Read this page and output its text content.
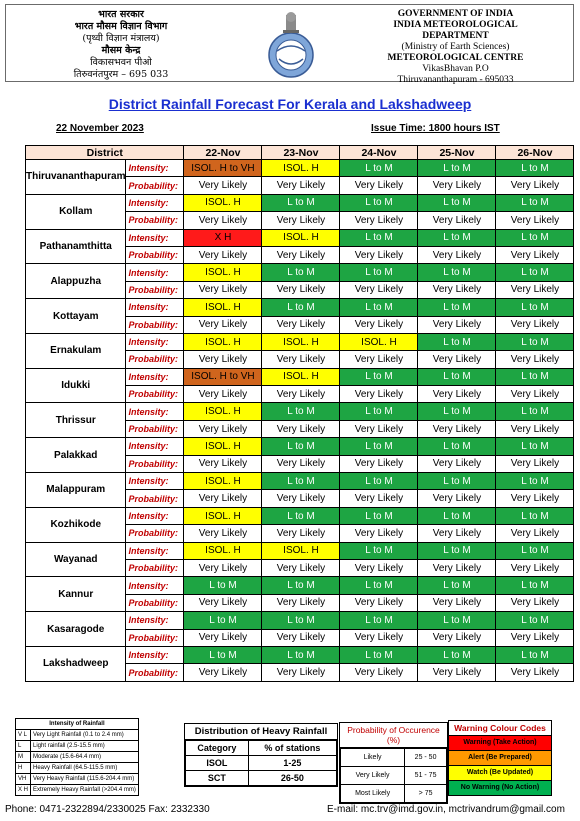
भारत सरकार
भारत मौसम विज्ञान विभाग
(पृथ्वी विज्ञान मंत्रालय)
मौसम केन्द्र
विकासभवन पीओ
तिरुवनंतपुरम – 695 033
GOVERNMENT OF INDIA
INDIA METEOROLOGICAL
DEPARTMENT
(Ministry of Earth Sciences)
METEOROLOGICAL CENTRE
VikasBhavan P.O
Thiruvananthapuram - 695033
District Rainfall Forecast For Kerala and Lakshadweep
22 November 2023	Issue Time: 1800 hours IST
District		22-Nov	23-Nov	24-Nov	25-Nov	26-Nov
Thiruvananthapuram	Intensity:	ISOL. H to VH	ISOL. H	L to M	L to M	L to M
	Probability:	Very Likely	Very Likely	Very Likely	Very Likely	Very Likely
Kollam	Intensity:	ISOL. H	L to M	L to M	L to M	L to M
	Probability:	Very Likely	Very Likely	Very Likely	Very Likely	Very Likely
Pathanamthitta	Intensity:	X H	ISOL. H	L to M	L to M	L to M
	Probability:	Very Likely	Very Likely	Very Likely	Very Likely	Very Likely
Alappuzha	Intensity:	ISOL. H	L to M	L to M	L to M	L to M
	Probability:	Very Likely	Very Likely	Very Likely	Very Likely	Very Likely
Kottayam	Intensity:	ISOL. H	L to M	L to M	L to M	L to M
	Probability:	Very Likely	Very Likely	Very Likely	Very Likely	Very Likely
Ernakulam	Intensity:	ISOL. H	ISOL. H	ISOL. H	L to M	L to M
	Probability:	Very Likely	Very Likely	Very Likely	Very Likely	Very Likely
Idukki	Intensity:	ISOL. H to VH	ISOL. H	L to M	L to M	L to M
	Probability:	Very Likely	Very Likely	Very Likely	Very Likely	Very Likely
Thrissur	Intensity:	ISOL. H	L to M	L to M	L to M	L to M
	Probability:	Very Likely	Very Likely	Very Likely	Very Likely	Very Likely
Palakkad	Intensity:	ISOL. H	L to M	L to M	L to M	L to M
	Probability:	Very Likely	Very Likely	Very Likely	Very Likely	Very Likely
Malappuram	Intensity:	ISOL. H	L to M	L to M	L to M	L to M
	Probability:	Very Likely	Very Likely	Very Likely	Very Likely	Very Likely
Kozhikode	Intensity:	ISOL. H	L to M	L to M	L to M	L to M
	Probability:	Very Likely	Very Likely	Very Likely	Very Likely	Very Likely
Wayanad	Intensity:	ISOL. H	ISOL. H	L to M	L to M	L to M
	Probability:	Very Likely	Very Likely	Very Likely	Very Likely	Very Likely
Kannur	Intensity:	L to M	L to M	L to M	L to M	L to M
	Probability:	Very Likely	Very Likely	Very Likely	Very Likely	Very Likely
Kasaragode	Intensity:	L to M	L to M	L to M	L to M	L to M
	Probability:	Very Likely	Very Likely	Very Likely	Very Likely	Very Likely
Lakshadweep	Intensity:	L to M	L to M	L to M	L to M	L to M
	Probability:	Very Likely	Very Likely	Very Likely	Very Likely	Very Likely
Intensity of Rainfall	
V L	Very Light Rainfall (0.1 to 2.4 mm)
L	Light rainfall (2.5-15.5 mm)
M	Moderate (15.6-64.4 mm)
H	Heavy Rainfall (64.5-115.5 mm)
VH	Very Heavy Rainfall (115.6-204.4 mm)
X H	Extremely Heavy Rainfall (>204.4 mm)
Distribution of Heavy Rainfall
Category	% of stations
ISOL	1-25
SCT	26-50
Probability of Occurence (%)
Likely	25 - 50
Very Likely	51 - 75
Most Likely	> 75
Warning Colour Codes
Warning (Take Action)
Alert (Be Prepared)
Watch (Be Updated)
No Warning (No Action)
Phone: 0471-2322894/2330025 Fax: 2332330	E-mail: mc.trv@imd.gov.in, mctrivandrum@gmail.com
